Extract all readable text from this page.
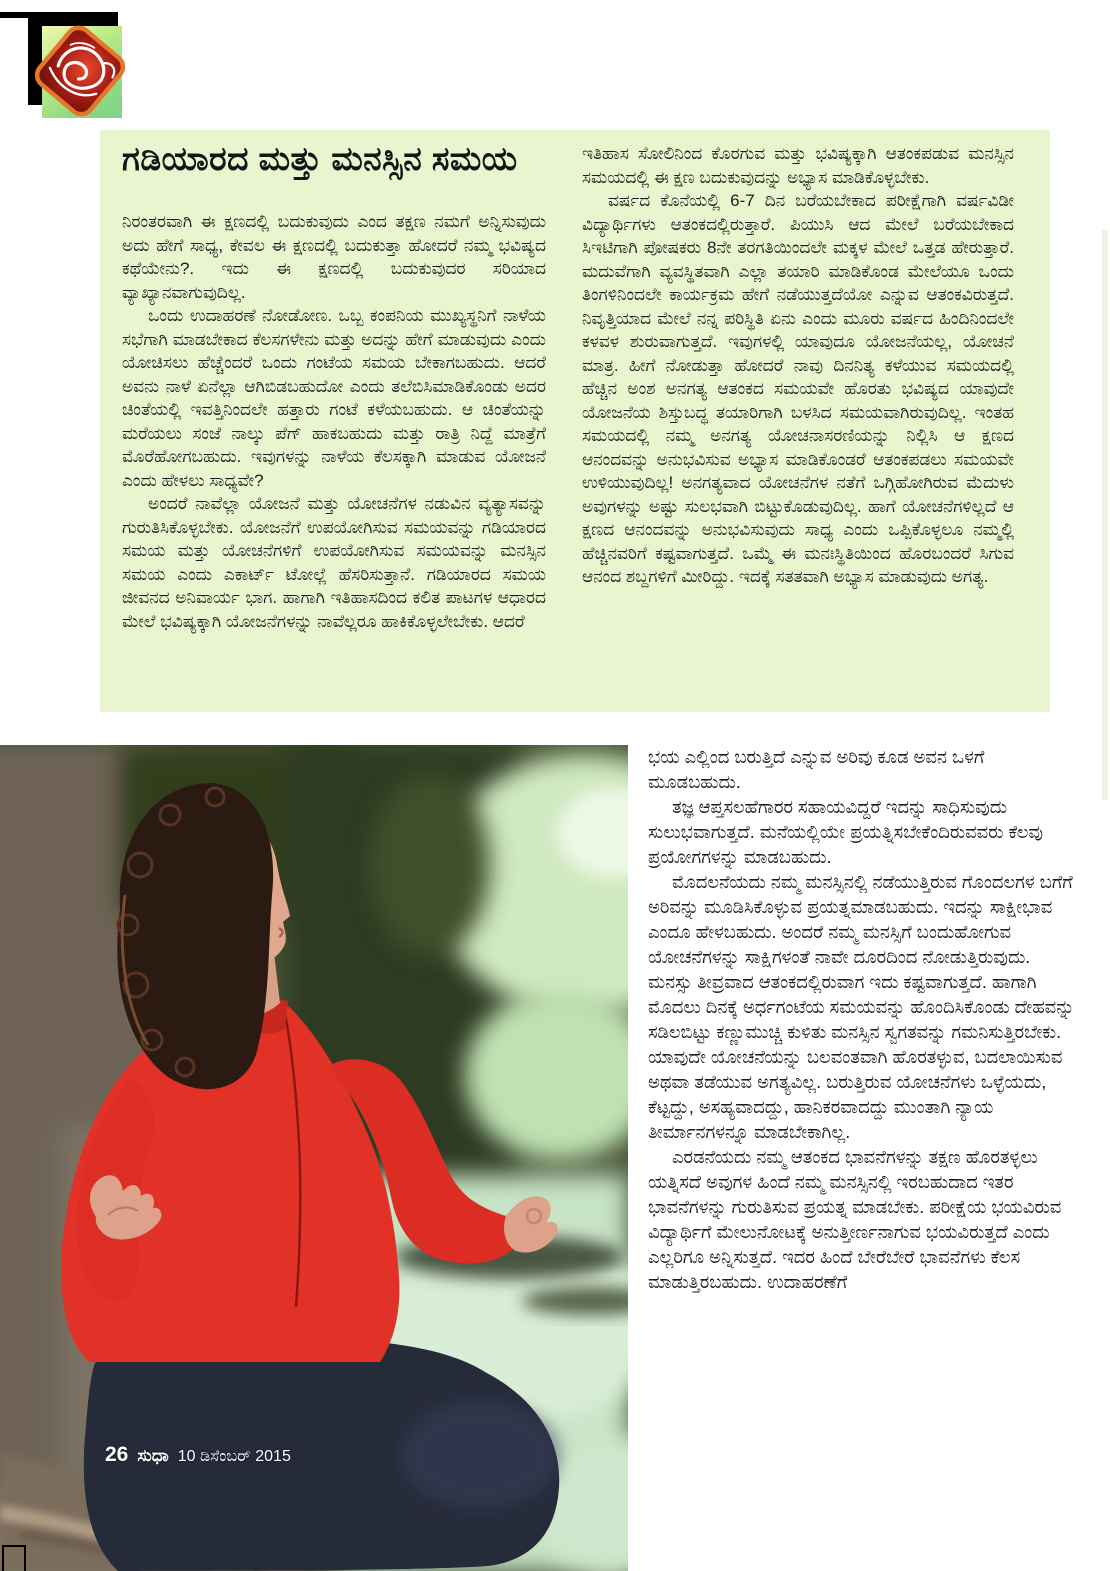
ಗಡಿಯಾರದ ಮತ್ತು ಮನಸ್ಸಿನ ಸಮಯ

ನಿರಂತರವಾಗಿ ಈ ಕ್ಷಣದಲ್ಲಿ ಬದುಕುವುದು ಎಂದ ತಕ್ಷಣ ನಮಗೆ ಅನ್ನಿಸುವುದು ಅದು ಹೇಗೆ ಸಾಧ್ಯ, ಕೇವಲ ಈ ಕ್ಷಣದಲ್ಲಿ ಬದುಕುತ್ತಾ ಹೋದರೆ ನಮ್ಮ ಭವಿಷ್ಯದ ಕಥೆಯೇನು?. ಇದು ಈ ಕ್ಷಣದಲ್ಲಿ ಬದುಕುವುದರ ಸರಿಯಾದ ವ್ಯಾಖ್ಯಾನವಾಗುವುದಿಲ್ಲ.

ಒಂದು ಉದಾಹರಣೆ ನೋಡೋಣ. ಒಬ್ಬ ಕಂಪನಿಯ ಮುಖ್ಯಸ್ಥನಿಗೆ ನಾಳೆಯ ಸಭೆಗಾಗಿ ಮಾಡಬೇಕಾದ ಕೆಲಸಗಳೇನು ಮತ್ತು ಅದನ್ನು ಹೇಗೆ ಮಾಡುವುದು ಎಂದು ಯೋಚಿಸಲು ಹೆಚ್ಚೆಂದರೆ ಒಂದು ಗಂಟೆಯ ಸಮಯ ಬೇಕಾಗಬಹುದು. ಆದರೆ ಅವನು ನಾಳೆ ಏನೆಲ್ಲಾ ಆಗಿಬಿಡಬಹುದೋ ಎಂದು ತಲೆಬಿಸಿಮಾಡಿಕೊಂಡು ಅದರ ಚಿಂತೆಯಲ್ಲಿ ಇವತ್ತಿನಿಂದಲೇ ಹತ್ತಾರು ಗಂಟೆ ಕಳೆಯಬಹುದು. ಆ ಚಿಂತೆಯನ್ನು ಮರೆಯಲು ಸಂಜೆ ನಾಲ್ಕು ಪೆಗ್ ಹಾಕಬಹುದು ಮತ್ತು ರಾತ್ರಿ ನಿದ್ದೆ ಮಾತ್ರೆಗೆ ಮೊರೆಹೋಗಬಹುದು. ಇವುಗಳನ್ನು ನಾಳೆಯ ಕೆಲಸಕ್ಕಾಗಿ ಮಾಡುವ ಯೋಜನೆ ಎಂದು ಹೇಳಲು ಸಾಧ್ಯವೇ?

ಅಂದರೆ ನಾವೆಲ್ಲಾ ಯೋಜನೆ ಮತ್ತು ಯೋಚನೆಗಳ ನಡುವಿನ ವ್ಯತ್ಯಾಸವನ್ನು ಗುರುತಿಸಿಕೊಳ್ಳಬೇಕು. ಯೋಜನೆಗೆ ಉಪಯೋಗಿಸುವ ಸಮಯವನ್ನು ಗಡಿಯಾರದ ಸಮಯ ಮತ್ತು ಯೋಚನೆಗಳಿಗೆ ಉಪಯೋಗಿಸುವ ಸಮಯವನ್ನು ಮನಸ್ಸಿನ ಸಮಯ ಎಂದು ಎಕಾರ್ಟ್ ಟೋಲ್ಲೆ ಹೆಸರಿಸುತ್ತಾನೆ. ಗಡಿಯಾರದ ಸಮಯ ಜೀವನದ ಅನಿವಾರ್ಯ ಭಾಗ. ಹಾಗಾಗಿ ಇತಿಹಾಸದಿಂದ ಕಲಿತ ಪಾಟಗಳ ಆಧಾರದ ಮೇಲೆ ಭವಿಷ್ಯಕ್ಕಾಗಿ ಯೋಜನೆಗಳನ್ನು ನಾವೆಲ್ಲರೂ ಹಾಕಿಕೊಳ್ಳಲೇಬೇಕು. ಆದರೆ

ಇತಿಹಾಸ ಸೋಲಿನಿಂದ ಕೊರಗುವ ಮತ್ತು ಭವಿಷ್ಯಕ್ಕಾಗಿ ಆತಂಕಪಡುವ ಮನಸ್ಸಿನ ಸಮಯದಲ್ಲಿ ಈ ಕ್ಷಣ ಬದುಕುವುದನ್ನು ಅಭ್ಯಾಸ ಮಾಡಿಕೊಳ್ಳಬೇಕು.

ವರ್ಷದ ಕೊನೆಯಲ್ಲಿ 6-7 ದಿನ ಬರೆಯಬೇಕಾದ ಪರೀಕ್ಷೆಗಾಗಿ ವರ್ಷವಿಡೀ ವಿದ್ಯಾರ್ಥಿಗಳು ಆತಂಕದಲ್ಲಿರುತ್ತಾರೆ. ಪಿಯುಸಿ ಆದ ಮೇಲೆ ಬರೆಯಬೇಕಾದ ಸಿಇಟಿಗಾಗಿ ಪೋಷಕರು 8ನೇ ತರಗತಿಯಿಂದಲೇ ಮಕ್ಕಳ ಮೇಲೆ ಒತ್ತಡ ಹೇರುತ್ತಾರೆ. ಮದುವೆಗಾಗಿ ವ್ಯವಸ್ಥಿತವಾಗಿ ಎಲ್ಲಾ ತಯಾರಿ ಮಾಡಿಕೊಂಡ ಮೇಲೆಯೂ ಒಂದು ತಿಂಗಳಿನಿಂದಲೇ ಕಾರ್ಯಕ್ರಮ ಹೇಗೆ ನಡೆಯುತ್ತದೆಯೋ ಎನ್ನುವ ಆತಂಕವಿರುತ್ತದೆ. ನಿವೃತ್ತಿಯಾದ ಮೇಲೆ ನನ್ನ ಪರಿಸ್ಥಿತಿ ಏನು ಎಂದು ಮೂರು ವರ್ಷದ ಹಿಂದಿನಿಂದಲೇ ಕಳವಳ ಶುರುವಾಗುತ್ತದೆ. ಇವುಗಳಲ್ಲಿ ಯಾವುದೂ ಯೋಜನೆಯಲ್ಲ, ಯೋಚನೆ ಮಾತ್ರ. ಹೀಗೆ ನೋಡುತ್ತಾ ಹೋದರೆ ನಾವು ದಿನನಿತ್ಯ ಕಳೆಯುವ ಸಮಯದಲ್ಲಿ ಹೆಚ್ಚಿನ ಅಂಶ ಅನಗತ್ಯ ಆತಂಕದ ಸಮಯವೇ ಹೊರತು ಭವಿಷ್ಯದ ಯಾವುದೇ ಯೋಜನೆಯ ಶಿಸ್ತುಬದ್ಧ ತಯಾರಿಗಾಗಿ ಬಳಸಿದ ಸಮಯವಾಗಿರುವುದಿಲ್ಲ. ಇಂತಹ ಸಮಯದಲ್ಲಿ ನಮ್ಮ ಅನಗತ್ಯ ಯೋಚನಾಸರಣಿಯನ್ನು ನಿಲ್ಲಿಸಿ ಆ ಕ್ಷಣದ ಆನಂದವನ್ನು ಅನುಭವಿಸುವ ಅಭ್ಯಾಸ ಮಾಡಿಕೊಂಡರೆ ಆತಂಕಪಡಲು ಸಮಯವೇ ಉಳಿಯುವುದಿಲ್ಲ! ಅನಗತ್ಯವಾದ ಯೋಚನೆಗಳ ನತೆಗೆ ಒಗ್ಗಿಹೋಗಿರುವ ಮೆದುಳು ಅವುಗಳನ್ನು ಅಷ್ಟು ಸುಲಭವಾಗಿ ಬಿಟ್ಟುಕೊಡುವುದಿಲ್ಲ. ಹಾಗೆ ಯೋಚನೆಗಳಿಲ್ಲದೆ ಆ ಕ್ಷಣದ ಆನಂದವನ್ನು ಅನುಭವಿಸುವುದು ಸಾಧ್ಯ ಎಂದು ಒಪ್ಪಿಕೊಳ್ಳಲೂ ನಮ್ಮಲ್ಲಿ ಹೆಚ್ಚಿನವರಿಗೆ ಕಷ್ಟವಾಗುತ್ತದೆ. ಒಮ್ಮೆ ಈ ಮನಃಸ್ಥಿತಿಯಿಂದ ಹೊರಬಂದರೆ ಸಿಗುವ ಆನಂದ ಶಬ್ದಗಳಿಗೆ ಮೀರಿದ್ದು. ಇದಕ್ಕೆ ಸತತವಾಗಿ ಅಭ್ಯಾಸ ಮಾಡುವುದು ಅಗತ್ಯ.

26 ಸುಧಾ 10 ಡಿಸೆಂಬರ್ 2015

ಭಯ ಎಲ್ಲಿಂದ ಬರುತ್ತಿದೆ ಎನ್ನುವ ಅರಿವು ಕೂಡ ಅವನ ಒಳಗೆ ಮೂಡಬಹುದು.

ತಜ್ಞ ಆಪ್ತಸಲಹೆಗಾರರ ಸಹಾಯವಿದ್ದರೆ ಇದನ್ನು ಸಾಧಿಸುವುದು ಸುಲುಭವಾಗುತ್ತದೆ. ಮನೆಯಲ್ಲಿಯೇ ಪ್ರಯತ್ನಿಸಬೇಕೆಂದಿರುವವರು ಕೆಲವು ಪ್ರಯೋಗಗಳನ್ನು ಮಾಡಬಹುದು.

ಮೊದಲನೆಯದು ನಮ್ಮ ಮನಸ್ಸಿನಲ್ಲಿ ನಡೆಯುತ್ತಿರುವ ಗೊಂದಲಗಳ ಬಗೆಗೆ ಅರಿವನ್ನು ಮೂಡಿಸಿಕೊಳ್ಳುವ ಪ್ರಯತ್ನಮಾಡಬಹುದು. ಇದನ್ನು ಸಾಕ್ಷೀಭಾವ ಎಂದೂ ಹೇಳಬಹುದು. ಅಂದರೆ ನಮ್ಮ ಮನಸ್ಸಿಗೆ ಬಂದುಹೋಗುವ ಯೋಚನೆಗಳನ್ನು ಸಾಕ್ಷಿಗಳಂತೆ ನಾವೇ ದೂರದಿಂದ ನೋಡುತ್ತಿರುವುದು. ಮನಸ್ಸು ತೀವ್ರವಾದ ಆತಂಕದಲ್ಲಿರುವಾಗ ಇದು ಕಷ್ಟವಾಗುತ್ತದೆ. ಹಾಗಾಗಿ ಮೊದಲು ದಿನಕ್ಕೆ ಅರ್ಧಗಂಟೆಯ ಸಮಯವನ್ನು ಹೊಂದಿಸಿಕೊಂಡು ದೇಹವನ್ನು ಸಡಿಲಬಿಟ್ಟು ಕಣ್ಣುಮುಚ್ಚಿ ಕುಳಿತು ಮನಸ್ಸಿನ ಸ್ವಗತವನ್ನು ಗಮನಿಸುತ್ತಿರಬೇಕು. ಯಾವುದೇ ಯೋಚನೆಯನ್ನು ಬಲವಂತವಾಗಿ ಹೊರತಳ್ಳುವ, ಬದಲಾಯಿಸುವ ಅಥವಾ ತಡೆಯುವ ಅಗತ್ಯವಿಲ್ಲ. ಬರುತ್ತಿರುವ ಯೋಚನೆಗಳು ಒಳ್ಳೆಯದು, ಕೆಟ್ಟದ್ದು, ಅಸಹ್ಯವಾದದ್ದು, ಹಾನಿಕರವಾದದ್ದು ಮುಂತಾಗಿ ನ್ಯಾಯ ತೀರ್ಮಾನಗಳನ್ನೂ ಮಾಡಬೇಕಾಗಿಲ್ಲ.

ಎರಡನೆಯದು ನಮ್ಮ ಆತಂಕದ ಭಾವನೆಗಳನ್ನು ತಕ್ಷಣ ಹೊರತಳ್ಳಲು ಯತ್ನಿಸದೆ ಅವುಗಳ ಹಿಂದೆ ನಮ್ಮ ಮನಸ್ಸಿನಲ್ಲಿ ಇರಬಹುದಾದ ಇತರ ಭಾವನೆಗಳನ್ನು ಗುರುತಿಸುವ ಪ್ರಯತ್ನ ಮಾಡಬೇಕು. ಪರೀಕ್ಷೆಯ ಭಯವಿರುವ ವಿದ್ಯಾರ್ಥಿಗೆ ಮೇಲುನೋಟಕ್ಕೆ ಅನುತ್ತೀರ್ಣನಾಗುವ ಭಯವಿರುತ್ತದೆ ಎಂದು ಎಲ್ಲರಿಗೂ ಅನ್ನಿಸುತ್ತದೆ. ಇದರ ಹಿಂದೆ ಬೇರೆಬೇರೆ ಭಾವನೆಗಳು ಕೆಲಸ ಮಾಡುತ್ತಿರಬಹುದು. ಉದಾಹರಣೆಗೆ
